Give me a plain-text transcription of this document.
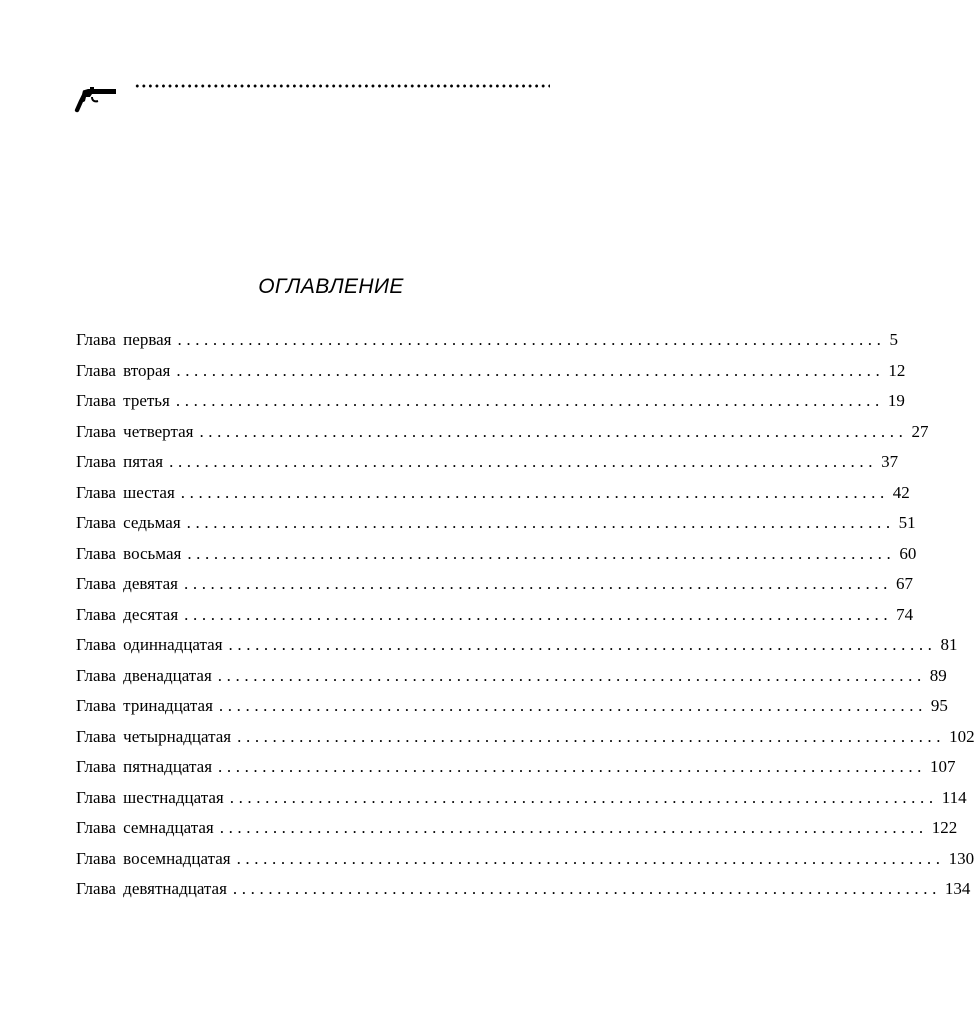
ОГЛАВЛЕНИЕ
Глава первая ................................................................................ 5
Глава вторая ................................................................................ 12
Глава третья ................................................................................ 19
Глава четвертая ................................................................................ 27
Глава пятая ................................................................................ 37
Глава шестая ................................................................................ 42
Глава седьмая ................................................................................ 51
Глава восьмая ................................................................................ 60
Глава девятая ................................................................................ 67
Глава десятая ................................................................................ 74
Глава одиннадцатая ................................................................................ 81
Глава двенадцатая ................................................................................ 89
Глава тринадцатая ................................................................................ 95
Глава четырнадцатая ................................................................................ 102
Глава пятнадцатая ................................................................................ 107
Глава шестнадцатая ................................................................................ 114
Глава семнадцатая ................................................................................ 122
Глава восемнадцатая ................................................................................ 130
Глава девятнадцатая ................................................................................ 134
